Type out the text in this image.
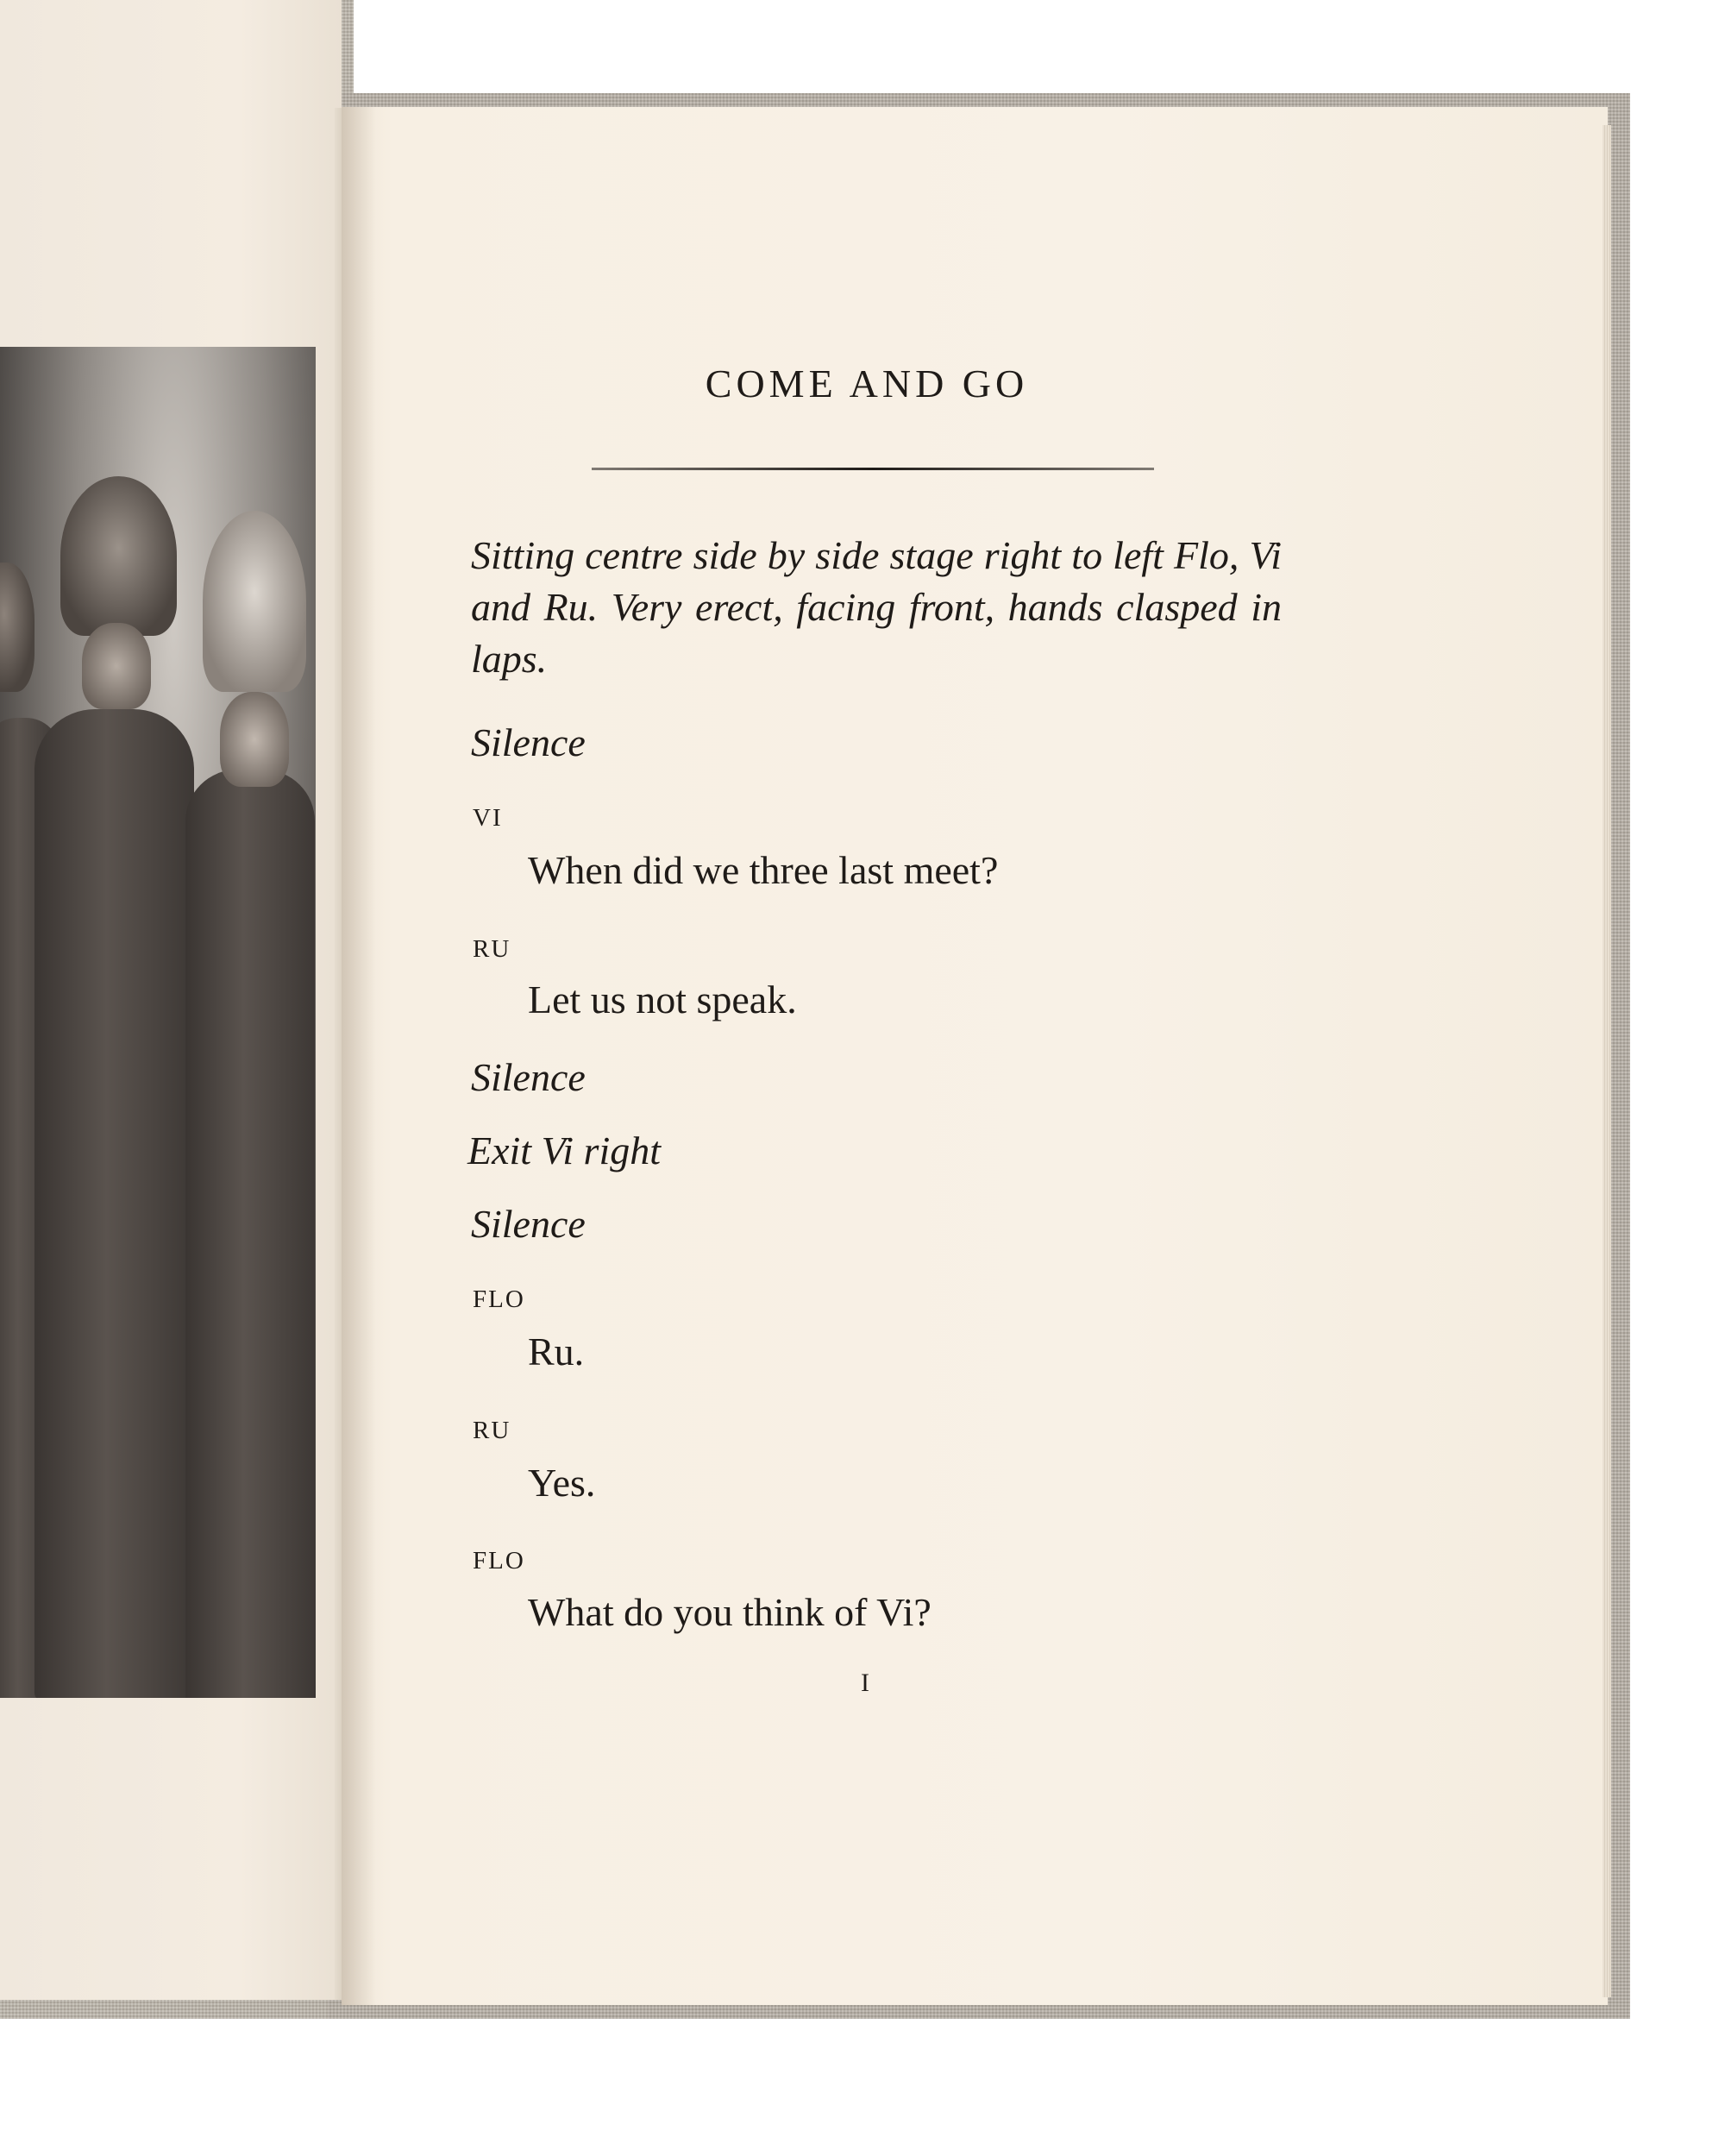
COME AND GO
Sitting centre side by side stage right to left Flo, Vi and Ru. Very erect, facing front, hands clasped in laps.
Silence
VI
When did we three last meet?
RU
Let us not speak.
Silence
Exit Vi right
Silence
FLO
Ru.
RU
Yes.
FLO
What do you think of Vi?
I
